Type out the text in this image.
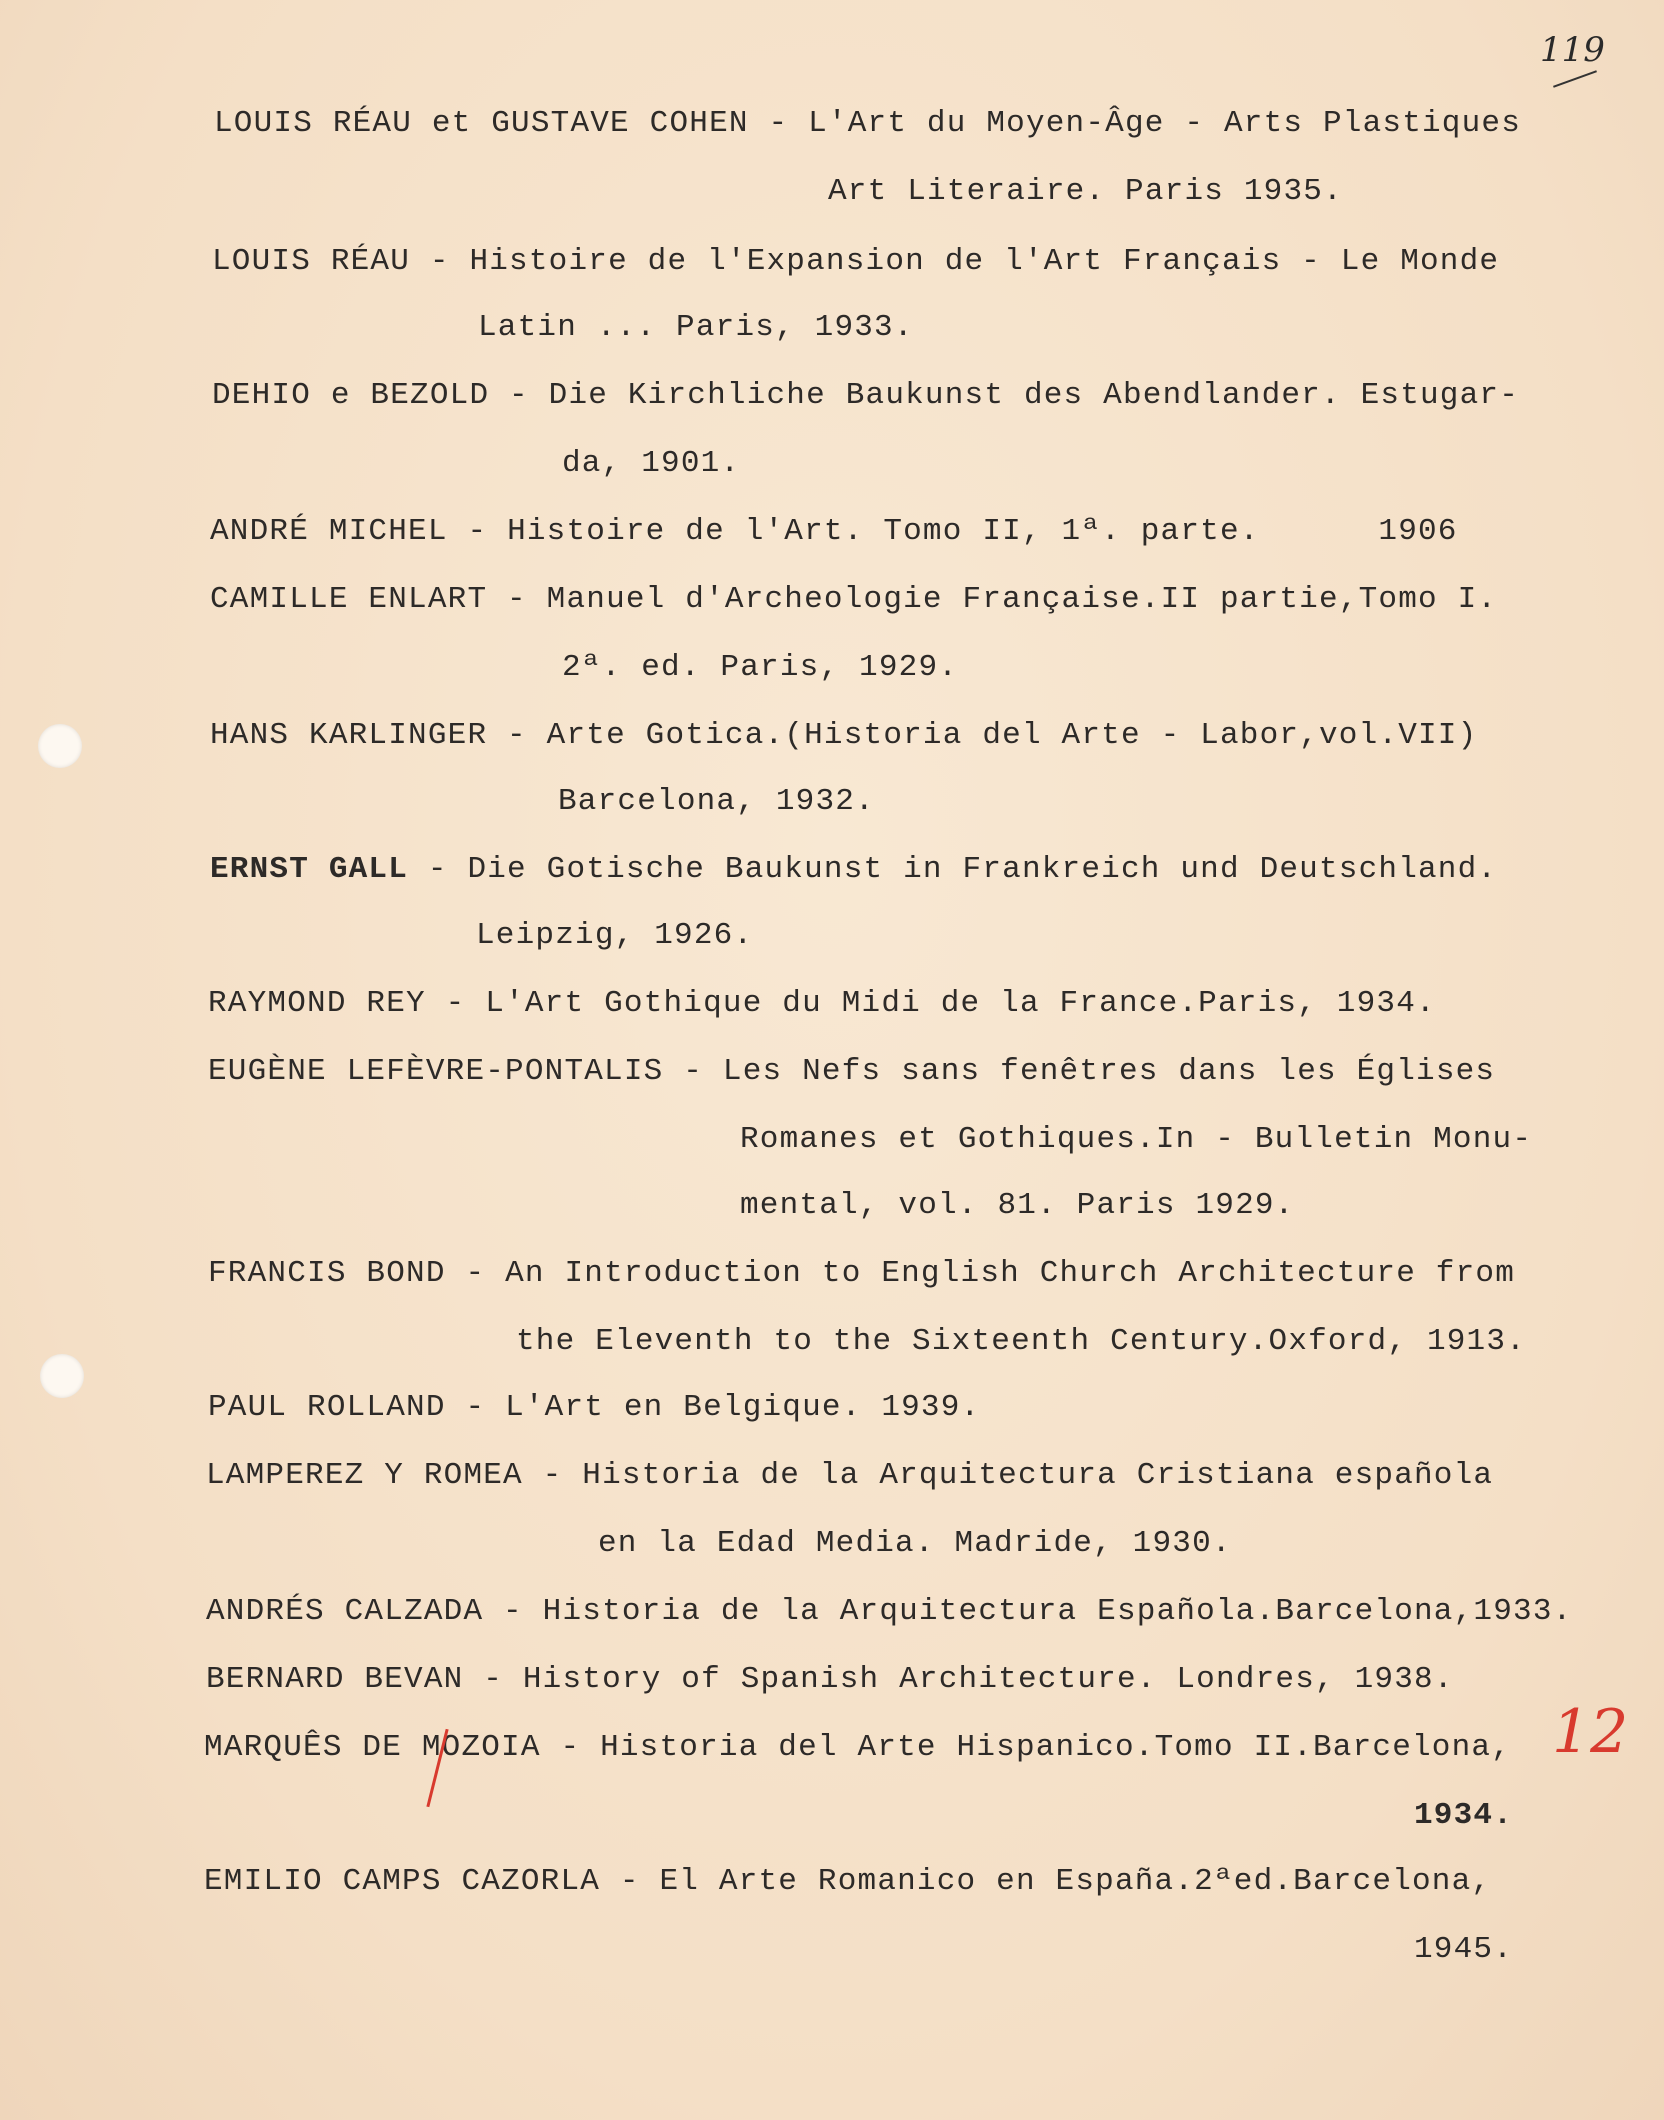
119
LOUIS RÉAU et GUSTAVE COHEN - L'Art du Moyen-Âge - Arts Plastiques
Art Literaire. Paris 1935.
LOUIS RÉAU - Histoire de l'Expansion de l'Art Français - Le Monde
Latin ... Paris, 1933.
DEHIO e BEZOLD - Die Kirchliche Baukunst des Abendlander. Estugar-
da, 1901.
ANDRÉ MICHEL - Histoire de l'Art. Tomo II, 1ª. parte.      1906
CAMILLE ENLART - Manuel d'Archeologie Française.II partie,Tomo I.
2ª. ed. Paris, 1929.
HANS KARLINGER - Arte Gotica.(Historia del Arte - Labor,vol.VII)
Barcelona, 1932.
ERNST GALL - Die Gotische Baukunst in Frankreich und Deutschland.
Leipzig, 1926.
RAYMOND REY - L'Art Gothique du Midi de la France.Paris, 1934.
EUGÈNE LEFÈVRE-PONTALIS - Les Nefs sans fenêtres dans les Églises
Romanes et Gothiques.In - Bulletin Monu-
mental, vol. 81. Paris 1929.
FRANCIS BOND - An Introduction to English Church Architecture from
the Eleventh to the Sixteenth Century.Oxford, 1913.
PAUL ROLLAND - L'Art en Belgique. 1939.
LAMPEREZ Y ROMEA - Historia de la Arquitectura Cristiana española
en la Edad Media. Madride, 1930.
ANDRÉS CALZADA - Historia de la Arquitectura Española.Barcelona,1933.
BERNARD BEVAN - History of Spanish Architecture. Londres, 1938.
MARQUÊS DE MOZOIA - Historia del Arte Hispanico.Tomo II.Barcelona,
1934.
EMILIO CAMPS CAZORLA - El Arte Romanico en España.2ªed.Barcelona,
1945.
12
